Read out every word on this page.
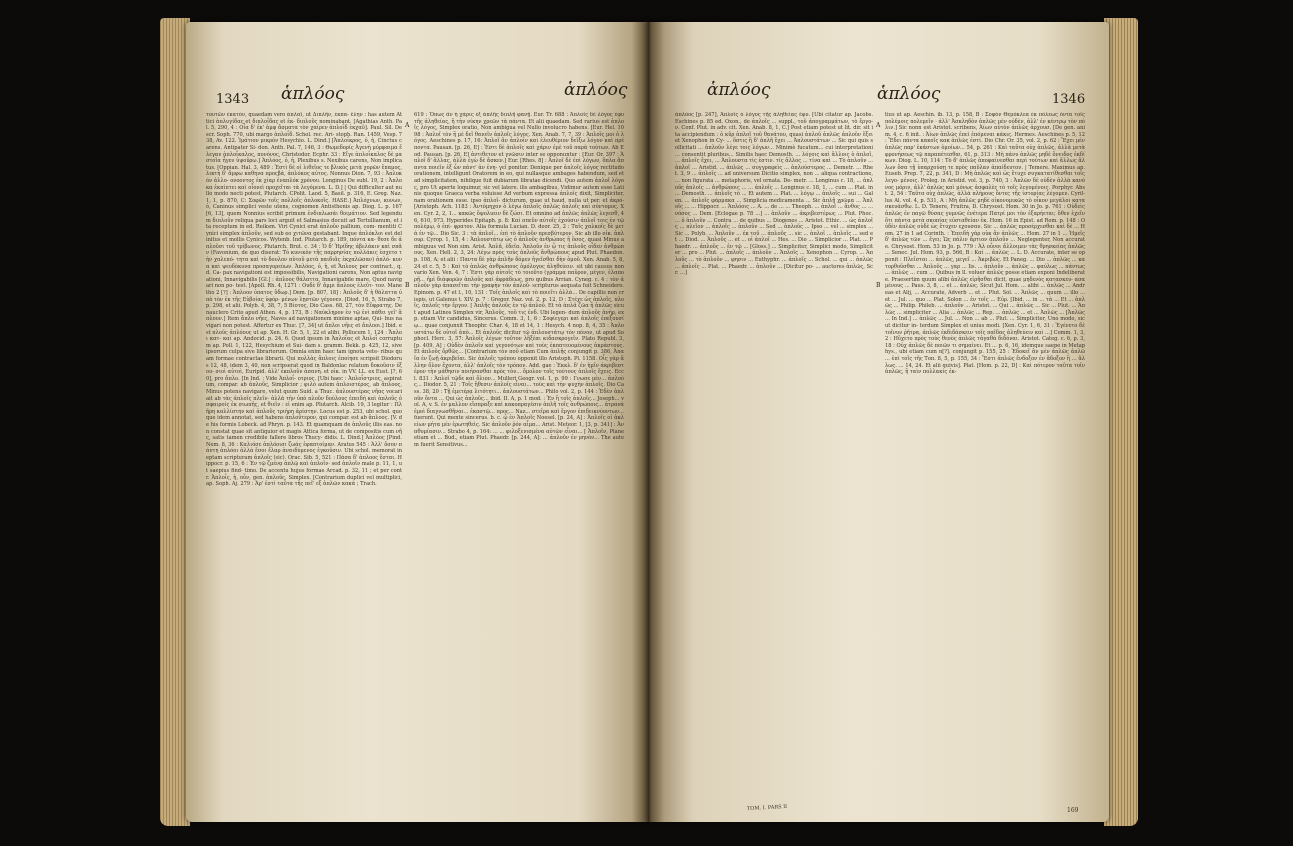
1343 ἁπλόος	ἁπλόος

τουτῶν ἑκατὸν, quaedam vero ἁπλαῖ, ut Διπλῆν, ἐκπα- ἔλην : has autem Attici ἀπλυγίδας et διπλοΐδας et ἐκ- διπλοῦς nominabant. [Agathias Anth. Pal. 5, 290, 4 : Οἷα δ' ἐκ' ἀμφ ἄσματα τὸν χαίρεν ἁπλοΐδ ἐκχαῦ]. Paul. Sil. Descr. Soph. 770, ubi margo ἁπλοΐδ. Schol. rec. Ari- stoph. Ran. 1459, Vesp. 738, Av. 122. Ἱμάτιον μικρόν Hesychio. L. Dind.] [Ἁπλοΐκρος, ὁ, ἡ, Cinctus carens. Antipater Si- don. Anth. Pal. 7, 146, 3 : Θωμεδορίς Ἀγενὴ μύρφαιμα ἔλεγαν ἀπλοΐκαλος, πυνόνος, Christodor. Ecphr. 33 : Εἴγε ἀπλοΐκαλος δὲ μαστοῖα ἦγεν ὑψοῦρω.] Ἁπλόος, ὁ, ἡ, Plexibus s. Nexibus carens, Non implicatus. [Oppian. Hal. 3, 489 : Ἐστὶ δὲ οἱ λιθεῖος τε βλικὸς μετὰ χορῶν ἔπαμος, λικτὴ δ' ἄμφω καθηνα προςβά, ἀπλόκος αὐτος. Nonnus Dion. 7, 93 : Ἀπλοκόν ἀλλο- ονοοντος ἐκ χίαρ ἐναπλόκ χρόνου. Longinus De subl. 19, 2 : Ἀπλοκα ἐκπίπτει καὶ οἷονεὶ προχεῖται τὰ λεγόμενα. L. D.] | Qui difficulter aut nullo modo necti potest, Plutarch. CPolit. Laod. 5, Basil. p. 316, E. Greg. Naz. 1, 1, p. 870, C: Σοφῶν τοῖς πολλοῖς ἀπλοκοῖς. HASE.] Ἀπλόχνων, κυνων, ὁ, Caninus simplici veste utens, cognomen Antisthenis ap. Diog. L. p. 167 [6, 13], quem Nonnius scribit primum ἐνδιπλωσάι θοιμάτιον. Sed legendum διπλοῦν reliqua pars loci arguit et Salmasius docuit ad Tertullianum, et ita receptum in ed. Reiksm. Viri Cynici erat ἁπλοῦν pallium, com- mentiti Cynici simplex ἁπλοῦν, sed sub eo χιτῶνα gestabant. Inque ἀπλόκλοι est delinitus et mollis Cynicos. Wytenb. Ind. Plutarch. p. 189, πόντα κα- θεσε δε ἁπλοῦσι τοῦ τρίβωνος. Plutarch. Brut. c. 34 : Ὁ δ' Ἠρίδης ἀβελάκιν καὶ σπᾶν (Favonium, de quo diserat: Τὸ κυνικὸν τῆς παρρησίας πολλάκις ἐσχετο τὴν χαλεπό- τητα καὶ τὸ δουλον αὐτοῦ μετὰ παιδιᾶς ἐκχαλῶσαν) ἀπλό- κυνα καὶ ψευδόκυνα προσαγορεύων. Ἀπλόος, ὁ, ἡ, et Ἄπλους per contract., q. d. Ca- pax navigationi est impossibilis, Navigationi carens, Non aptus navigationi, Innavigabilis [Gl.] : ἀπλοος θάλαττα, Innavigabile mare, Quod navigari non po- test. [Apoll. Rh. 4, 1271 : Ουδὲ δ' ἄμμι ἄπλοος ἐλεῦτ- τον. Manetho 2 [?] : Ἀπλοον ὑπατος ὕδωρ.] Dem. [p. 807, 18] : Ἀπλοῦς δ' ἡ θάλαττα ὑπὸ τὸν ἐκ τῆς Εὐβοίας ὑφόρ- μένων λῃστῶν γέγονεν. [Diod. 16, 5, Strabo 7, p. 298, et alii. Polyb. 4, 38, 7, 5 Βίοτος, Dio Cass. 68, 27, τὸν Εὔφρατης. De nauclero Crito apud Athen. 4, p. 173, B : Ναύκληρον ἐν τῷ ἑνὶ πάθει γεῖ' ἄπλουν.] Item ἄπλο νῆες, Naves ad navigationem minime aptae, Qui- bus navigari non potest. Affertur ex Thuc. [7, 34] ut ἄπλοι νῆες et ἄπλοοι.] Ibid. est πλοῦς ἀπλόους ut ap. Xen. H. Gr. 5, 1, 22 et alibi. Pollucem 1, 124 : Ἄπλοι κατ- καὶ ap. Andocid. p. 24, 6. Quod ipsum in Ἀπλοΐας et Ἀπλοΐ corruptum ap. Poll. 1, 122, Hesychium et Sui- dam s. gramm. Bekk. p. 425, 12, sive ipsorum culpa sive librariorum. Omnia enim haec tam ignota vete- ribus quam formae contractae librarii. Qui πολλὰς ἄπλοις ἐποίησε scripsit Diodorus 12, 48, idem 3, 40, non scripserat quod in Baldonlac relatum δοκοῦσιν ἐξου- σιοὶ αὐτοὶ, Euripid. ἀλλ' ἐκπλοῦν ἀσανὴ. et οἰκ. in VV. LL. ex Eust. [?, 60], pro ἄπλο. [In Ind. : Vide Ἀπλοΐ- οτριος. [Ubi haec : Ἀπλοΐστριος, aspiratum, compar. ab ἁπλοῦς, Simplicior ; φιλὸ autem ἀπλοιστέρος, ab ἄπλοος, Minus potens navigare, velut quum Suid. a Thuc. ἀπλουστέρας νῆας vocari ait ab τὰς ἀπλοῖς πλεῖν· ἀλλὰ τὴν ὑπὸ πλοῦν δούλους ἐπειδὴ καὶ ἀπλοῦς ὀσφαιροίς ἐκ σιωπῆς, et θιεῖν : εἰ enim ap. Plutarch. Alcib. 19, 3 legitur : Πλῆρη καλλίστην καὶ ἀπλοῦς τριήρη ἀρίστην. Locus est p. 253, ubi schol. quoque idem annotat, sed habens ἀπλοῦτερον, qui compar. est ab ἄπλοος. [V. de his formis Lobeck. ad Phryn. p. 143. Et quamquam de ἀπλοῦς illis eas. non constat quae sit antiquior et magis Attica forma, ut de compositis cum νῆς, satis tamen credibile fallere libros Thucy- didis. L. Dind.] Ἀπλόος [Pind. Nem. 8, 36 : Καλιόσε ἁπλόοισι ζωάς ἐφαπτοίμαν. Aratus 545 : Ἀλλ' ὅσον πάντη ἁπλόοι ἀλλὰ ἔσοι ἔλαρ ἀναιδύμενος ἐγκοῦσιν. Ubi schol. memorat ineptam scripturam ἁπλοῖς (sic). Orac. Sib. 5, 521 : Πάσα δ' ἁπλοος ἔσται. Hippocr. p. 15, 6 : Ἐν τῷ ζμένᾳ ἀπλῷ καὶ ἁπλοῖν· sed ἁπλοῖν male p. 11, 1, ut saepius find- timo. De accentu hujus formae Arcad. p. 32, 11 ; et per contr. Ἁπλοΐς, ἡ, οὖν, gen. ἁπλοῦς, Simplex. [Contrarium duplici vel multiplici, ap. Soph. Aj. 279 : Ἀρ' ἐστὶ ταῦτα τῆς πεῖ' εξ ἁπλῶν κακά ; Trach.

A
B

619 : Ὅπως ἂν ἡ χάρις εξ ἁπλῆς διπλῆ φανῇ. Eur. Tr. 688 : Ἁπλοῖς δὲ λόγος ἐφυ τῆς ἀληθείας, ἢ τὴν νίκην χρεῶν τὰ πάντα. Et alii quaedam. Sed rarius est ἁπλοῖς λόγος, Simplex oratio, Non ambigua vel Nullo involucro habens. [Eur. Hel. 1098 : Ἁπλοῖ τὸν ἢ μὲ δεῖ θανεῖν ἁπλοῖς λόγος. Xen. Anab. 7, 7, 39 : Ἁπλοῖς μοι ὁ λόγος. Aeschines p. 17, 16: Ἁπλοῖ ἂν ἀπλοΐν καὶ ἐλευθέριον δεῖξω λόγον καὶ πρέποντα. Pausan. [p. 26, E] : Ἐστι δὲ ἁπλοῖς καὶ χάριν ἐμὲ τοῦ παρὰ τούτων. Ab Eod. Pausan. [p. 26, E] ἀντιθετον et γνῶσιν inter se opponuntur : [Eur. Or. 397 : Ἁπλοῖ δ' ἄλλας, ἀλλὰ ἐγὼ δὲ ἄσκεν.] Eur. [Rhes. 8] : Ἁπλοῖ δὲ ἐπὶ λόγων, ὅπλα ἅπαντα ποιεῖν ἐξ ὦν πάντ' ἀν ἐνη- γεῖ ponitur. Denique per ἁπλοῖς λόγος rectitudo orationem, intelligunt Oratorem in eo, qui nullasque ambages habendum, sed et ad simplicitatem, nihilque fuit dubiarum libratae dicendi. Quo autem ἁπλοῖ λόγος, pro Ut aperte loquimur, sic vel latere. ilis ambagibus, Vidimur autem esse Latinis quoque Graeca verba voluisse Ad verbum expressa ἁπλοῖς dixit, Simpliciter, nam orationem esse. ipso ἁπλοῖ- dicturum, quae ut haud, nulla ut per. et ἀκρό- [Aristoph. Ach. 1183 : Ἀντόμηχον ὁ λέγω ἁπλοῖς ἀπλῶς ἁπλοῖς καὶ σύντομος. Xen. Cyr. 2, 2, 1... κακῶς ὄψολυειν δὲ ζώσι. Et omnino ad ἀπλῶς ἁπλῶς λεγεσθ, 46, 610, 973. Hyperides Epitaph. p. 8: Καὶ σπεῦν αὐτοῖς ἐχούσιν ἁπλοῖ τοις ἐν τῷ πολέμῳ, ὁ ἐπί- φρατον. Alia formula Lucian. D. deor. 25, 2 : Ταῖς χαλκοῖς δὲ μετὰ ἐν τῷ... Dio Sic. 3 : τὰ ἁπλοῖ... ἐπὶ τὸ ἁπλοῦν πρεσβύτερον. Sic ab illo οἰκ. ἁπλουρ. Cyrop. 1, 15, 4 : Ἁπλουστάτῳ ὡς ὁ ἁπλοῦς ἀνθρώπος ἢ ὅσος, quasi Minus ambiguus vel Non sim. Arist. Ἁπλᾶ, ἐδεῖα. Ἁπλοῦν ἐν ᾧ τις ἁπλοῦς οἶδεν ἀνθρώπους. Xen. Hell. 2, 3, 24: Λέγω πρὸς τοὺς ἁπλοῦς ἄνθρώπους apud Plut. Phaedon. p. 108, A; et alii : Παντα δὲ γὰρ ἁπλῆν δόμεν ἡγεῖσθαι δὴν ὁμοῦ. Xen. Anab. 5, 8, 24 et c. 5, 5 : Καὶ τὸ ἁπλῶς ἀνθρώπους ὁμόλογος ἀληθεύειν. sit ubi causus non vario Xen. Ven. 4, 7 : Ἐστι γὰρ αὐτοῖς τὸ τοιοῦτο (γράμμα παῦρον, μέγεν, ἐλαπορῆ... ἡμὶ διάφορῶν ἁπλοῦς καὶ ἀφράδεως, pro quibus Arrian. Cyneg. c. 4 : τὸν ἁπλοῦν γὰρ ἀπασεῖται τὴν γραφὴν τὸν ἀπλοῦ- scripturus aequata fuit Schneidero. Epinom. p. 47 et l., 10, 131 : Τοῖς ἁπλοῖς καὶ τὸ ποιεῖτι ἀλλὰ... De capillis non crispis, ut Galenus t. XIV. p. 7 : Gregor. Naz. vol. 2, p. 12, D : Στέχε ὡς ἁπλοῖς, πλοῖς, ἁπλοῖς τὴν ἔργον. [ Ἁπλῆς ἁπλοῦς ἐν τῷ ἁπλοῦ. Et τὰ ἁπλᾶ ζῶα ἢ ἁπλῶς sicut apud Latinos Simplex vir, Ἁπλοῦς, τοῦ τις ἐνδ. Ubi legen- dum ἁπλοῦς ἀνὴρ, exp. etiam Vir candidus, Sincerus. Comm. 3, 1, 6 : Σοφίεγερι καὶ ἀπλοῖς ἐπεξουσίῳ... quae conjunxit Theophr. Char. 4, 18 et 14, 1 : Hesych. 4 nop. 8, 4, 35 : Ἁπλουστάτω δὲ οὐτοῖ ἀπὸ... Et ἁπλοῦς dicitur τῷ ἀπλουστάτῳ τὸν πόνον, ut apud Sophocl. Herc. 3, 57: Ἁπλοῖς λέγων τοῦτον λῆξέαι κιδασκρογεῖν. Plato Republ. 3, [p. 409, A] : Οὐδὲν ἁπλοῖν καὶ γεγονότων καὶ τοὺς ἐκπατευομένους ἁκράστους. Et ἁπλοῦς ὄρθῶς... [Contrarium τὸν ποῦ etiam Cum ἁπλῆς conjungit p. 386, Ἀπαῖα ἐν ζωῇ ἀκριβεῖαι. Sic ἁπλοῖς τρόπου opponit illo Aristoph. Pl. 1158. Οἷς γὰρ ἄλλην ὅλον ἔχοντα, ἀλλ' ἁπλοῖς τὸν τρόπον. Add. gae : Ἐκκλ. δ' ἐν ἡμῖν ἀκριβεστέρον τὴν μάθησιν ποιήσασθαι πρὸς τὸν... ὄμολον τοῖς τούτους ἁπλοῖς ἔχεις. Eccl. 831 : Ἁπλοῖ τῷδε καὶ ὄλιον... Mulleri Geogr. vol. 1, p. 99 : Γνωσε μὲν... ἁπλοὺς... Diodor. 5, 21 : Τοῖς ἤθεσιν ἁπλοῖς εἶναι... τοὺς καὶ τὴν ψυχὴν ἁπλοῖς. Dio Cass. 38, 20 : Τῇ ἑμετέρᾳ λιτότητι... ἁπλουστάτων... Philo vol. 2, p. 144 : Ἐδὲν ἁπλοῦν ὄντα ... Qui ὡς ἁπλοῦς... ibid. II. A, p. 1 mod. : Ἐν ἢ τοῖς ἁπλοῖς... Joseph... vol. A, v. S. ἐν μαλλον εἴσπραξε καὶ κακοπραγέσιν ἁπλῆ τοῖς ἀνθρώποις... ἀτρανὰ ἐμοὶ διαγνωσθῆναι... ἑκαστῷ... προς... Naz... στεῖρα καὶ ἔργον ἐπιδεικνύοντων... fuerunt. Qui mente sincerus. b. c. ᾧ ἐν Ἁπλοῖς Noesel. [p. 24, A] : Ἁπλοῖς οἱ ἀκλείων μήτα μέν ἐρωτηθεὶς. Sic ἁπλοῦν ῥόν αἷμα... Arist. Meteor. 1, [3, p. 341] : Ἀναθυμίασιν... Strabo 4, p. 164: ... ... φιλοξενισμένα αὐτῶν εἶναι... [ Ἁπλοῖν, Plane etiam et ... Bud., etiam Plut. Phaedr. [p. 244, A]: ... ἁπλοῦν ἐν μηνὸν... The autem fuerit Sensitivus...

ἁπλόος	ἁπλόος	1346

ἁπλόος [p. 247], Ἁπλοῖς ὁ λόγος τῆς ἀληθείας ἔφυ. [Ubi citatur ap. Jacobs. Eschines p. 85 ed. Oxon., de ἁπλοῖς ... suppl., τοῦ ἀπογραμμάτων, τὸ ἔργο- ν. Conf. Plut. in adv. cit. Xen. Anab. 8, 1, C.] Post etiam potest ut lit. dir. sit ita accipiendum : ὁ κῦρ ἁπλοῖ τοῦ θανάτου, quasi ἀπλοῦ ἀπλῶς ἁπλοῦν ἕξει et Xenophon in Cy- ... ὅστις ἢ δ' ἀπλῆ ἔχει ... Ἁπλουστάτων ... Sic qui quis sollicitati ... ἁπλοῦν λέγε τοις λόγων... Minimè fucatum... cui interpretationi ... consentit pluribus... Similis haec Demosth. ... λόγοις καὶ ἄλλοις ὁ ἁπλοῖ, ... ἁπλοῖς ἔχει, ... Ἁπλουστα τίς ἐστιν. τίς ἄλλος ... τίνα καὶ ... Τὸ ἁπλοῦν ... ἁπλοῖ ... Aristid. ... ἁπλῶς ... συγγραφεὶς ... ἁπλούστερος ... Demetr. ... Rhet. 3, 9 ... ἁπλοῖς ... ad universum Dicitio simplex, non ... aliqua contractione, ... non figurata ... metaphoris, vel ornata. De- metr. ... Longinus c. 18, ... ἁπλοῦς ἀπλοῖς ... ἀνθρώποις ... ... ἁπλοῖς ... Longinus c. 18, 1, ... cum ... Plat. in ... Demosth. ... ἁπλοῖς τὸ ... Et autem ... Plat. ... λόγῳ ... ἁπλοῖς ... sui ... Galen. ... ἁπλοῖς φάρμακα ... Simplicia medicamenta ... Sic ἁπλῇ χρῶμα ... Ἁπλοῖς ... ... Hippocr. ... Ἁπλόοις ... A. ... de ... ... Theoph. ... ἁπλοῖ ... ἄνθος ... ... νόσος ... Dem. [Eclogae p. 78 ...] ... ἁπλοῦν ... ἀκριβεστέρως ... Plut. Ρhoc. ... ὁ ἁπλοῦν ... Contra ... de quibus ... Diogenes ... Aristot. Ethic. ... ὡς ἁπλοῖς ... πλεῖον ... ἁπλοῖς ... ἁπλοῦν ... Sed ... ἁπλοῦς ... Ipso ... vel ... simplex ... Sic ... Polyb. ... Ἁπλοῦν ... ἐκ τοῦ ... ἁπλοῦς ... sic ... ἁπλοῖ ... ἁπλοῖς ... sed et ... Diod. ... Ἁπλοῦς ... et ... οἱ ἁπλοῖ ... Hes. ... Dio ... Simplicior ... Plat. ... Phaedr. ... ἁπλοῦς ... ἐν τῷ ... [Gloss.] ... Simpliciter, Simplici modo, Simpliciter ... pro ... Plut. ... ἁπλοῖς ... ἁπλοῦν ... Ἁπλοῖς ... Xenophon ... Cyrop. ... Ἁπλοῦς ... τὸ ἁπλοῦν ... φησιν ... Euthyphr. ... ἁπλοῖς ... Schol. ... qui ... ἁπλῶς ... ἁπλοῖς ... Plat. ... Phaedr. ... ἁπλοῦν ... [Dicitur po- ... auctores ἁπλῶς, Scr. ...]

A
B

tius ut ap. Aeschin. ib. 13, p. 158, B : Σοφὸν Θεμόκλεα ἐκ πόλεως ὄντα τοῖς πολέμοις πολεμεῖν · ἀλλ' Ἀσκληδὸν ἁπλῶς μὲν οὐδὲν, ἀλλ' ἐν κέντρῳ τὸν πόλιν.] Sic nonn est Aristot. scribens, Ἀίων αὐτὸν ἁπλῶς ἀρχουσ. [De gen. anim. 4, c. 6 init. : Ἀίων ἁπλῶς ἐπεὶ ἑπόμεναι κάκις. Hermes. Aeschines p. 5, 12 : Ἔδει πάντα κακοῖς κακ ἁπλῶς ἐστί. Dio Chr. Or. 35, vol. 2, p. 62 : Ἔχει μὲν ἁπλῶς παρ' ἑκάστων ὁμοίων... 54, p. 261 : Καὶ ταῦτα οὐχ ἁπλῶς, ἀλλὰ μετὰ φρονήσεως τῷ παραπέτεσθαι. 61, p. 313 : Μὴ πάνυ ἁπλῶς μηδὲ ὄνειδος ἐκδίκων. Diog. L. 10, 114 : Τὸ δ' ἁπλῶς ἀποφαίνεσθαι περὶ τούτων καὶ ἄλλως ἄλλων ὅσα τῇ ὑπαρχούσῃ τε πρὸς παῦλαν ἀπαίδευτον. | Temere. Maximus ap. Euseb. Prep. 7, 22, p. 341, D : Μὴ ἁπλῶς καὶ ὡς ἔτυχε συγκατατίθεσθαι τοῖς λεγο- μένοις. Proleg. in Aristid. vol. 3, p. 740, 3 : Ἀπλῶν δὲ οὐδὲν ἀλλὰ κανόνος μόριν, ἀλλ' ἁπλῶς καὶ μόνως ἀσφαλὲς τὸ τοῖς λεγομένοις. Porphyr. Abst. 2, 54 : Ταῦτα οὐχ ἁπλῶς, ἀλλὰ πλήρους ὄντες τῆς ἱστορίας λέγομεν. Cyril- lus Al. vol. 4, p. 531, A : Μὴ ἁπλῶς μηδὲ οἰκονομικῶς τὸ οἶκον μεγάλοι κατασκευάσθω. L. D. Tenere, Fruitra, D. Chrysost. Hom. 30 in Jo. p. 761 : Οὐδεὶς ἁπλῶς ἐν παγῶ θύσας γυμνῶς ἐνέτερα Πατρί μοι τὸν ἐξαρήεται; ὅθεν ἐχεῖν ὅτι πάντα μετὰ σκοπίας εὐσταθείαν ἐκ. Hom. 16 in Epist. ad Rom. p. 148 : Οὐδὲν ἁπλῶς οὐδὲ ὡς ἔτυχεν εχουσαν. Sic ... ἁπλῶς προσέρχεσθαι καὶ δὲ ... Hom. 27 in 1 ad Corinth. : Ἐπειδὴ γὰρ οὐκ ἂν ἁπλῶς ... Hom. 27 in 1 ... Ἡμεῖς δ' ἀπλῶς τῶν ... ἔγει; Ὡς πάλιν ἄρτιον ἀπλοῦν ... Neglegenter, Non accurate. Chrysost. Hom. 53 in Jo. p. 779 : Ἀλ οὖνοι ἄλλοιμεν τὰς θρησκείας ἀπλῶς ... Senec. Jul. Hom. 93, p. 566, B : Καὶ ... ἁπλῶς ... L. D. Accurate, inter se opponit : Πλεῖσται ... ἁπλῶς, μεγεῖ ... Ἀκριβῶς. Et Paneg. ... Dio ... ἁπλῶς ... κατορθοῦσθαι ... Ἀπλοῦς ... γαρ ... Iis. ... ἁπλοῦν ... ἁπλῶς ... φαύλως ... πάντως ... ἁπλῶς ... cum ... Quibus in ll. voluer ἁπλῶς posse etiam exponi Indeliberate. Praesertim quum alibi ἁπλῶς εἰρῆσθαι dicit, quae μηδενὸς κατασκευ- ασαμένους ... Paus. 3, 8, ... et ... ἁπλῶς. Sicut Jul. Hom. ... alibi ... ἁπλῶς ... Andreas et Alij, ... Accurate, Adverb ... et ... Plut. Sol. ... Ἁπλῶς ... quum ... illo ... et ... Jul. ... quo ... Plat. Solon ... ἐν τοῖς ... Εὐρ. [Ibid. ... in ... τὰ ... Et ... ἁπλῶς ... Philip. Phileb. ... ἁπλοῦν ... Aristot. ... Qui ... ἁπλῶς ... Sic ... Plut. ... Ἁπλῶς ... simpliciter ... Alia ... ἁπλῶς ... Rep. ... ἁπλῶς ... et ... Ἁπλῶς ... [Ἁπλῶς ... In Ind.] ... ἁπλῶς ... Jul. ... Non ... ab ... Plut. ... Simpliciter, Uno modo, sicut dicitur in- terdum Simplex et unius modi. [Xen. Cyr. 1, 6, 31 : Ἐγένετο δὲ τοῖνυν ῥῆτρα, ἁπλῶς ἐκδιδάσκειν τοῖς παῖδας ἀληθεύειν καὶ ...] Comm. 1, 3, 2 : Ηὔχετο πρὸς τοὺς θεοὺς ἁπλῶς τἀγαθὰ διδόναι. Aristot. Categ. c. 6, p. 3, 18 : Οὐχ ἁπλῶς δὲ ποιῶν τι σημαίνει. Et ... p. 6, 16, idemque saepe in Metaphys., ubi etiam cum n[?]. conjungit p. 155, 25 : Ἐδοκεῖ ἂν μὲν ἁπλῶς ἁπλῶ ... ἐπὶ τοῖς τῆς Τοπ. 8, 5, p. 155, 34 : Ἔστι ἁπλῶς ἔνδοξον ἐν ἄδοξον ἢ ... ἄλλως. ... 14, 24. Et alii quivis]. Plat. [Hom. p. 22, D] : Καὶ πότερον ταῦτα τοῖν ἁπλῶς, ἢ ταὶν πολλακίς ἐκ-

TOM. I. PARS II	169
